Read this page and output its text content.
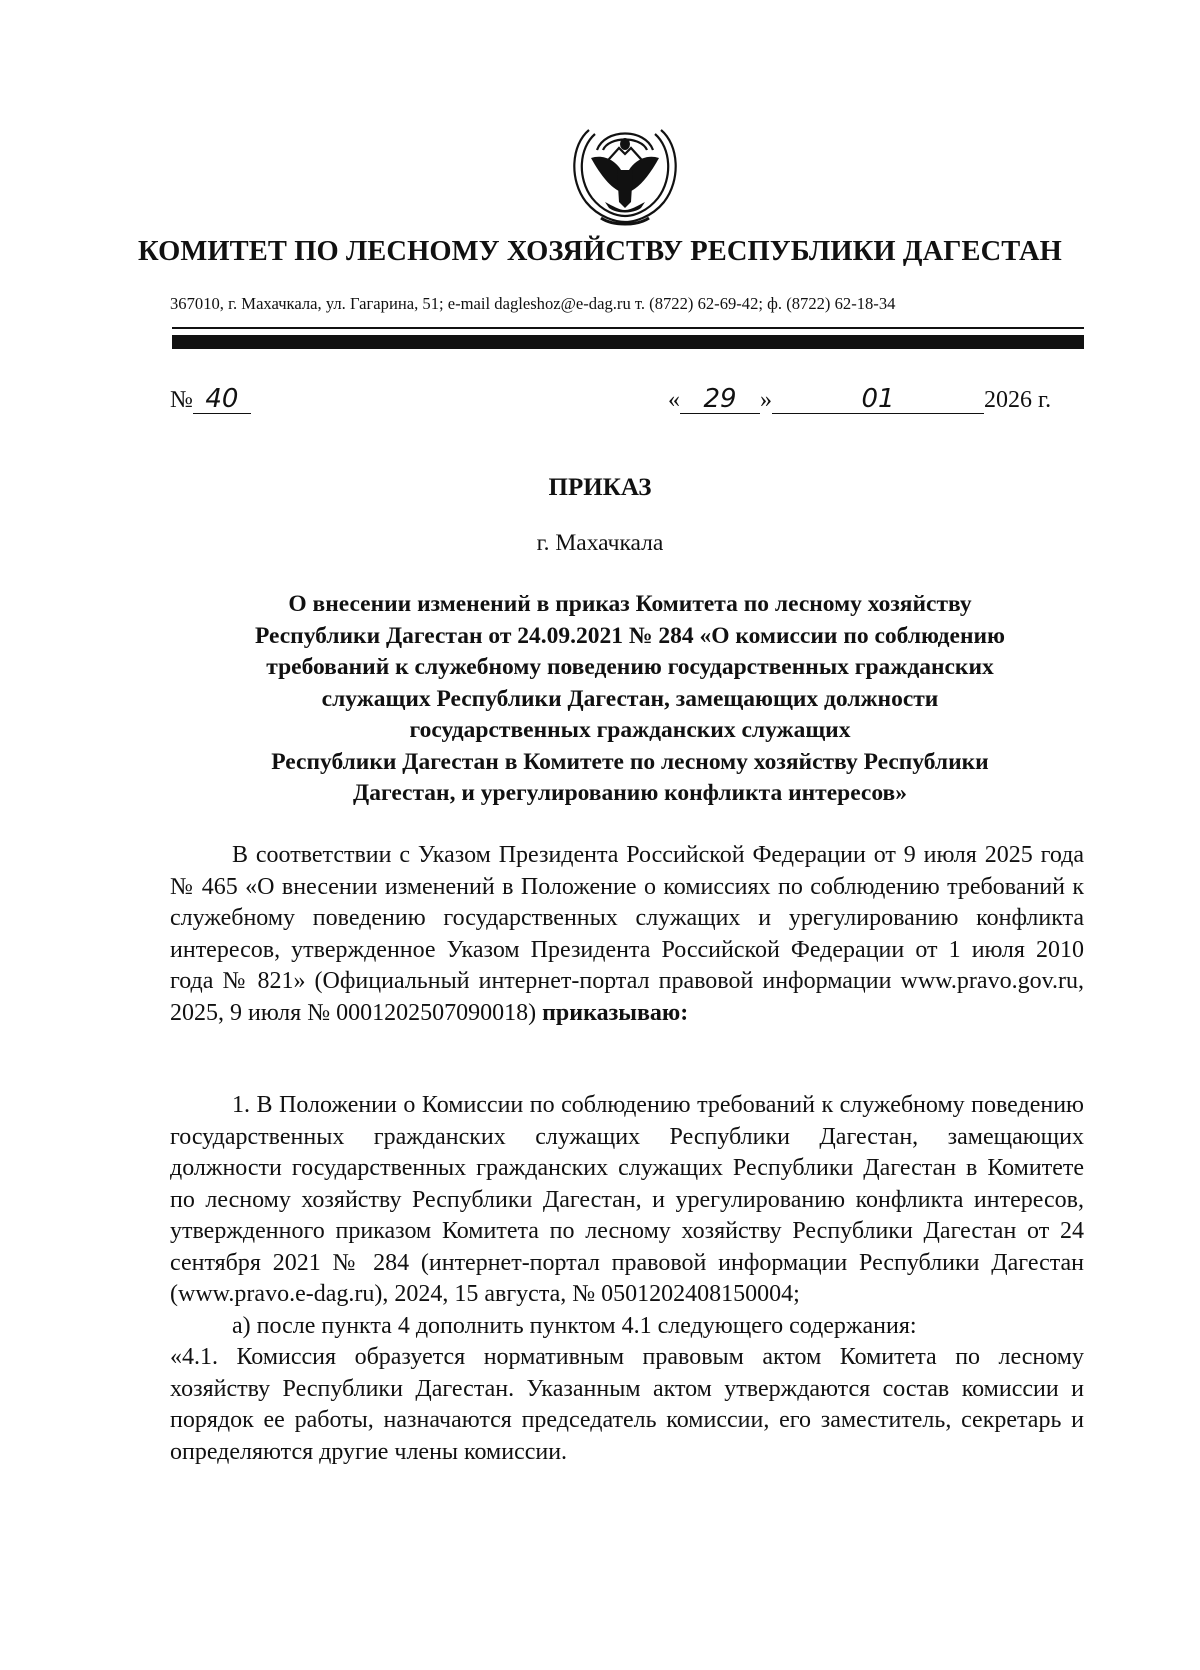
КОМИТЕТ ПО ЛЕСНОМУ ХОЗЯЙСТВУ РЕСПУБЛИКИ ДАГЕСТАН
367010, г. Махачкала, ул. Гагарина, 51; e-mail dagleshoz@e-dag.ru т. (8722) 62-69-42; ф. (8722) 62-18-34
№ 40	« 29 »	01	2026 г.
ПРИКАЗ
г. Махачкала
О внесении изменений в приказ Комитета по лесному хозяйству
Республики Дагестан от 24.09.2021 № 284 «О комиссии по соблюдению
требований к служебному поведению государственных гражданских
служащих Республики Дагестан, замещающих должности
государственных гражданских служащих
Республики Дагестан в Комитете по лесному хозяйству Республики
Дагестан, и урегулированию конфликта интересов»
В соответствии с Указом Президента Российской Федерации от 9 июля 2025 года № 465 «О внесении изменений в Положение о комиссиях по соблюдению требований к служебному поведению государственных служащих и урегулированию конфликта интересов, утвержденное Указом Президента Российской Федерации от 1 июля 2010 года № 821» (Официальный интернет-портал правовой информации www.pravo.gov.ru, 2025, 9 июля № 0001202507090018) приказываю:
1. В Положении о Комиссии по соблюдению требований к служебному поведению государственных гражданских служащих Республики Дагестан, замещающих должности государственных гражданских служащих Республики Дагестан в Комитете по лесному хозяйству Республики Дагестан, и урегулированию конфликта интересов, утвержденного приказом Комитета по лесному хозяйству Республики Дагестан от 24 сентября 2021 № 284 (интернет-портал правовой информации Республики Дагестан (www.pravo.e-dag.ru), 2024, 15 августа, № 0501202408150004;
а) после пункта 4 дополнить пунктом 4.1 следующего содержания:
«4.1. Комиссия образуется нормативным правовым актом Комитета по лесному хозяйству Республики Дагестан. Указанным актом утверждаются состав комиссии и порядок ее работы, назначаются председатель комиссии, его заместитель, секретарь и определяются другие члены комиссии.
